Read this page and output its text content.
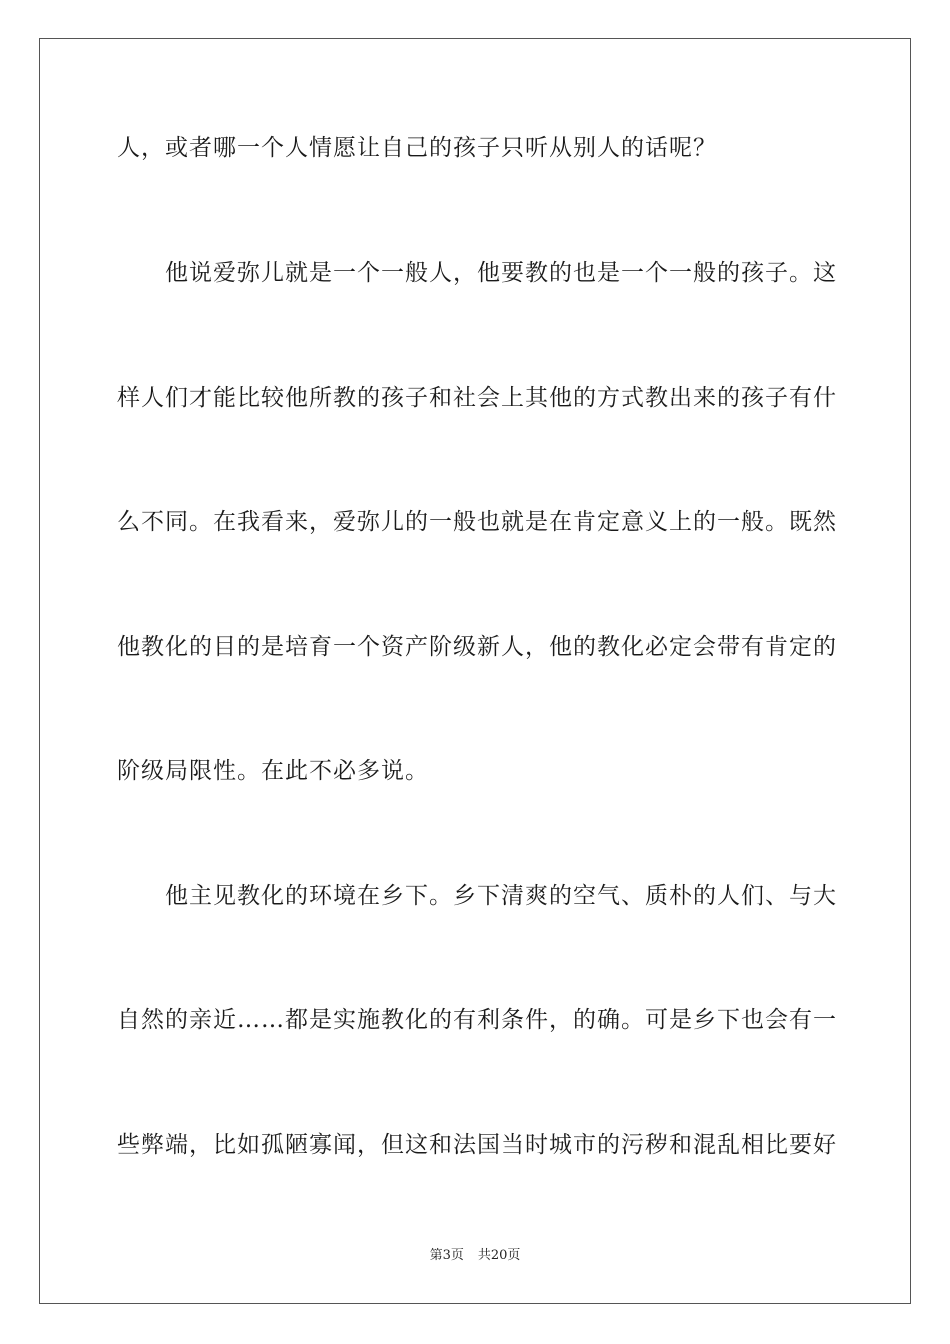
人，或者哪一个人情愿让自己的孩子只听从别人的话呢？
　　他说爱弥儿就是一个一般人，他要教的也是一个一般的孩子。这
样人们才能比较他所教的孩子和社会上其他的方式教出来的孩子有什
么不同。在我看来，爱弥儿的一般也就是在肯定意义上的一般。既然
他教化的目的是培育一个资产阶级新人，他的教化必定会带有肯定的
阶级局限性。在此不必多说。
　　他主见教化的环境在乡下。乡下清爽的空气、质朴的人们、与大
自然的亲近……都是实施教化的有利条件，的确。可是乡下也会有一
些弊端，比如孤陋寡闻，但这和法国当时城市的污秽和混乱相比要好
第3页 共20页
